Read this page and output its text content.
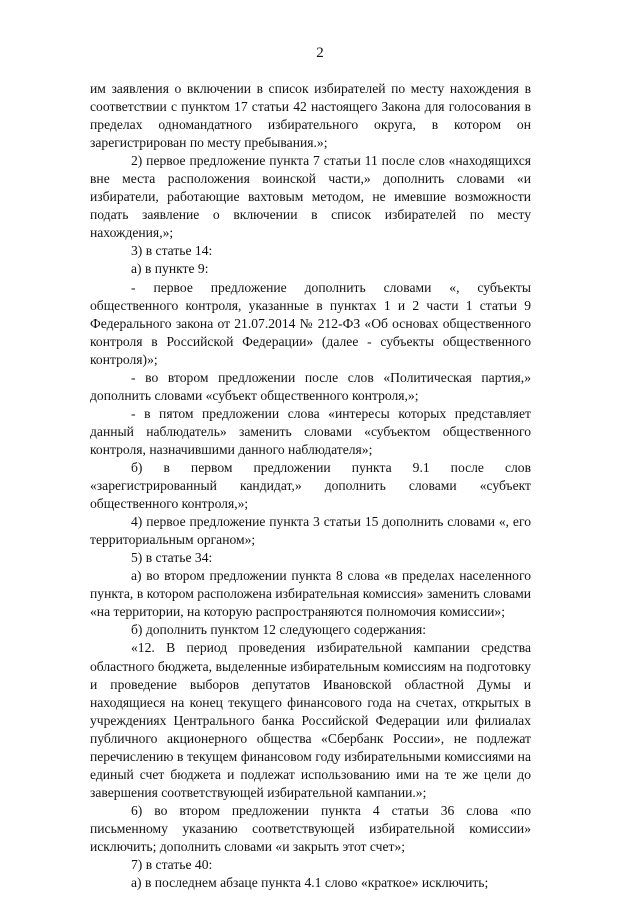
2

им заявления о включении в список избирателей по месту нахождения в соответствии с пунктом 17 статьи 42 настоящего Закона для голосования в пределах одномандатного избирательного округа, в котором он зарегистрирован по месту пребывания.»;

2) первое предложение пункта 7 статьи 11 после слов «находящихся вне места расположения воинской части,» дополнить словами «и избиратели, работающие вахтовым методом, не имевшие возможности подать заявление о включении в список избирателей по месту нахождения,»;

3) в статье 14:

а) в пункте 9:

- первое предложение дополнить словами «, субъекты общественного контроля, указанные в пунктах 1 и 2 части 1 статьи 9 Федерального закона от 21.07.2014 № 212-ФЗ «Об основах общественного контроля в Российской Федерации» (далее - субъекты общественного контроля)»;

- во втором предложении после слов «Политическая партия,» дополнить словами «субъект общественного контроля,»;

- в пятом предложении слова «интересы которых представляет данный наблюдатель» заменить словами «субъектом общественного контроля, назначившими данного наблюдателя»;

б) в первом предложении пункта 9.1 после слов «зарегистрированный кандидат,» дополнить словами «субъект общественного контроля,»;

4) первое предложение пункта 3 статьи 15 дополнить словами «, его территориальным органом»;

5) в статье 34:

а) во втором предложении пункта 8 слова «в пределах населенного пункта, в котором расположена избирательная комиссия» заменить словами «на территории, на которую распространяются полномочия комиссии»;

б) дополнить пунктом 12 следующего содержания:

«12. В период проведения избирательной кампании средства областного бюджета, выделенные избирательным комиссиям на подготовку и проведение выборов депутатов Ивановской областной Думы и находящиеся на конец текущего финансового года на счетах, открытых в учреждениях Центрального банка Российской Федерации или филиалах публичного акционерного общества «Сбербанк России», не подлежат перечислению в текущем финансовом году избирательными комиссиями на единый счет бюджета и подлежат использованию ими на те же цели до завершения соответствующей избирательной кампании.»;

6) во втором предложении пункта 4 статьи 36 слова «по письменному указанию соответствующей избирательной комиссии» исключить; дополнить словами «и закрыть этот счет»;

7) в статье 40:

а) в последнем абзаце пункта 4.1 слово «краткое» исключить;
